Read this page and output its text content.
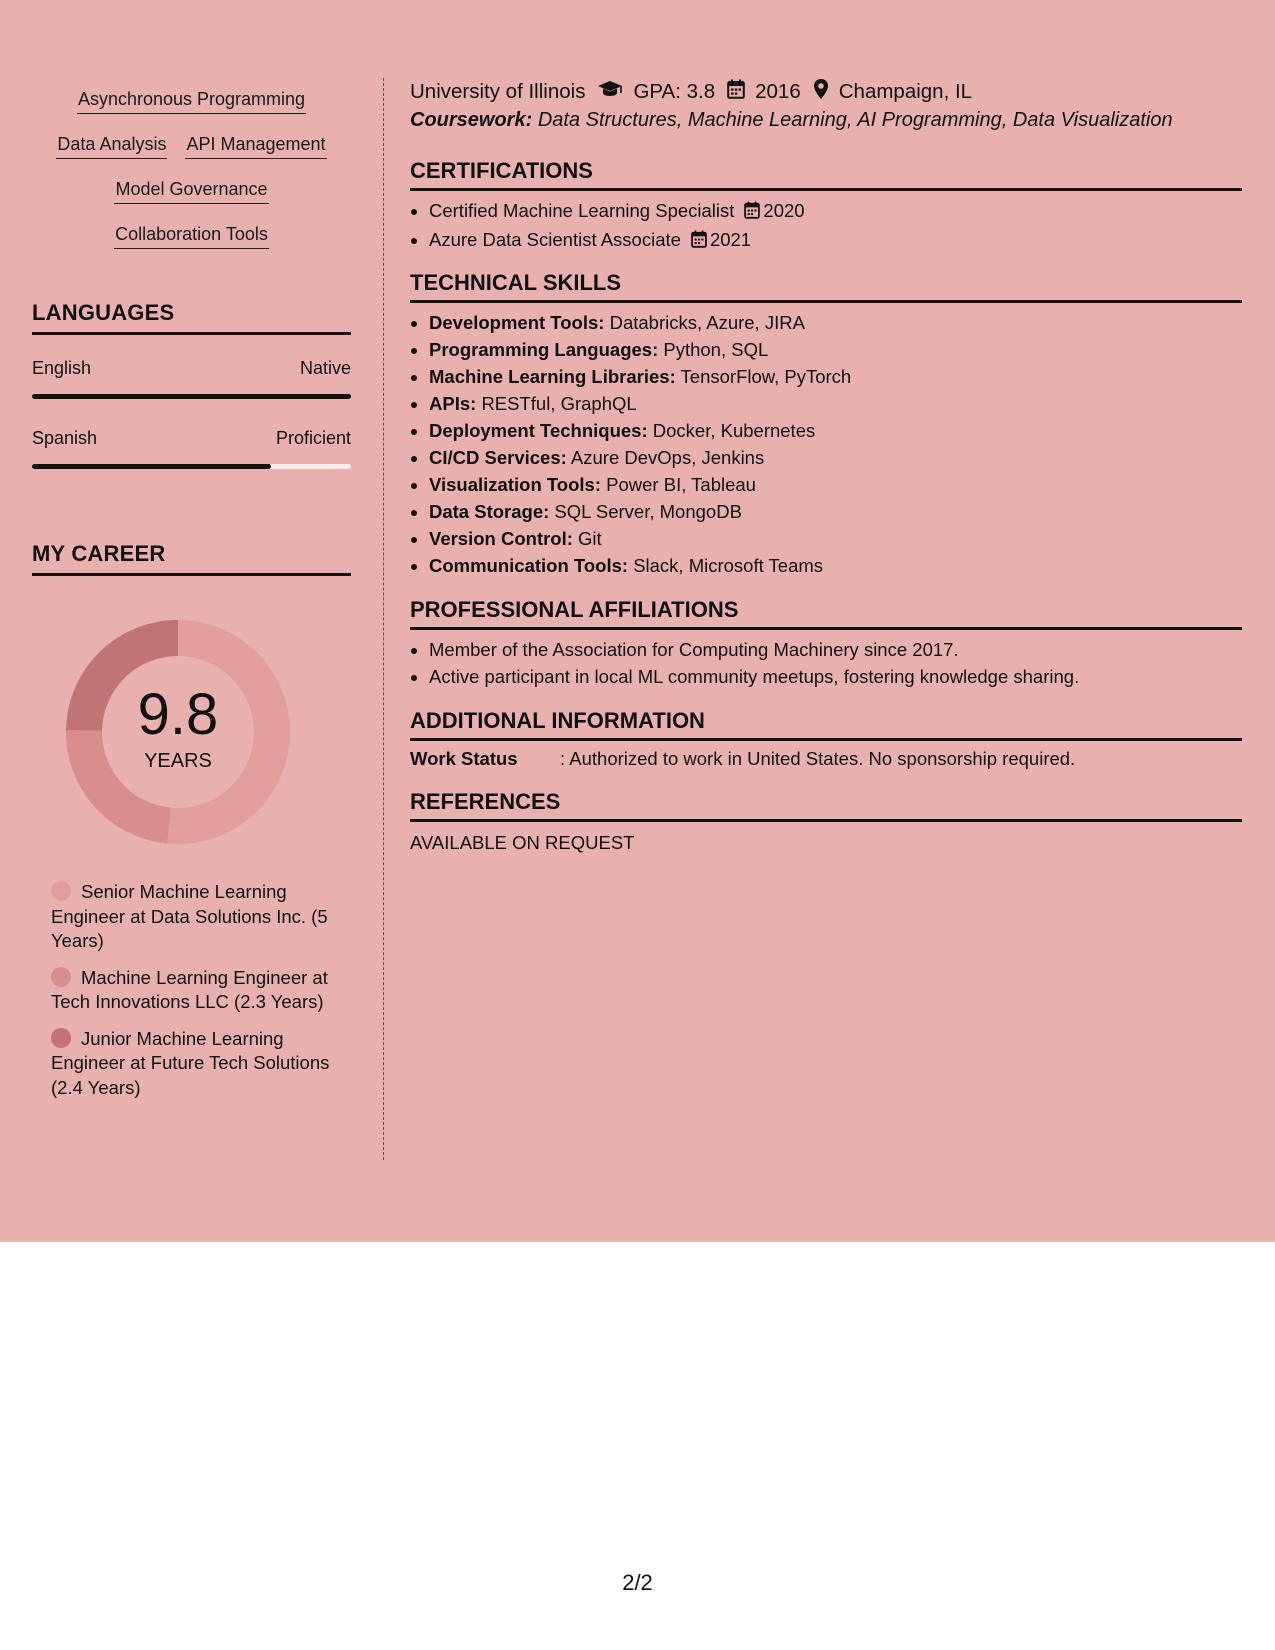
Asynchronous Programming
Data Analysis API Management
Model Governance
Collaboration Tools
LANGUAGES
English	Native
Spanish	Proficient
MY CAREER
9.8
YEARS
Senior Machine Learning Engineer at Data Solutions Inc. (5 Years)
Machine Learning Engineer at Tech Innovations LLC (2.3 Years)
Junior Machine Learning Engineer at Future Tech Solutions (2.4 Years)
University of Illinois GPA: 3.8 2016 Champaign, IL
Coursework: Data Structures, Machine Learning, AI Programming, Data Visualization
CERTIFICATIONS
• Certified Machine Learning Specialist 2020
• Azure Data Scientist Associate 2021
TECHNICAL SKILLS
• Development Tools: Databricks, Azure, JIRA
• Programming Languages: Python, SQL
• Machine Learning Libraries: TensorFlow, PyTorch
• APIs: RESTful, GraphQL
• Deployment Techniques: Docker, Kubernetes
• CI/CD Services: Azure DevOps, Jenkins
• Visualization Tools: Power BI, Tableau
• Data Storage: SQL Server, MongoDB
• Version Control: Git
• Communication Tools: Slack, Microsoft Teams
PROFESSIONAL AFFILIATIONS
• Member of the Association for Computing Machinery since 2017.
• Active participant in local ML community meetups, fostering knowledge sharing.
ADDITIONAL INFORMATION
Work Status : Authorized to work in United States. No sponsorship required.
REFERENCES
AVAILABLE ON REQUEST
2/2
